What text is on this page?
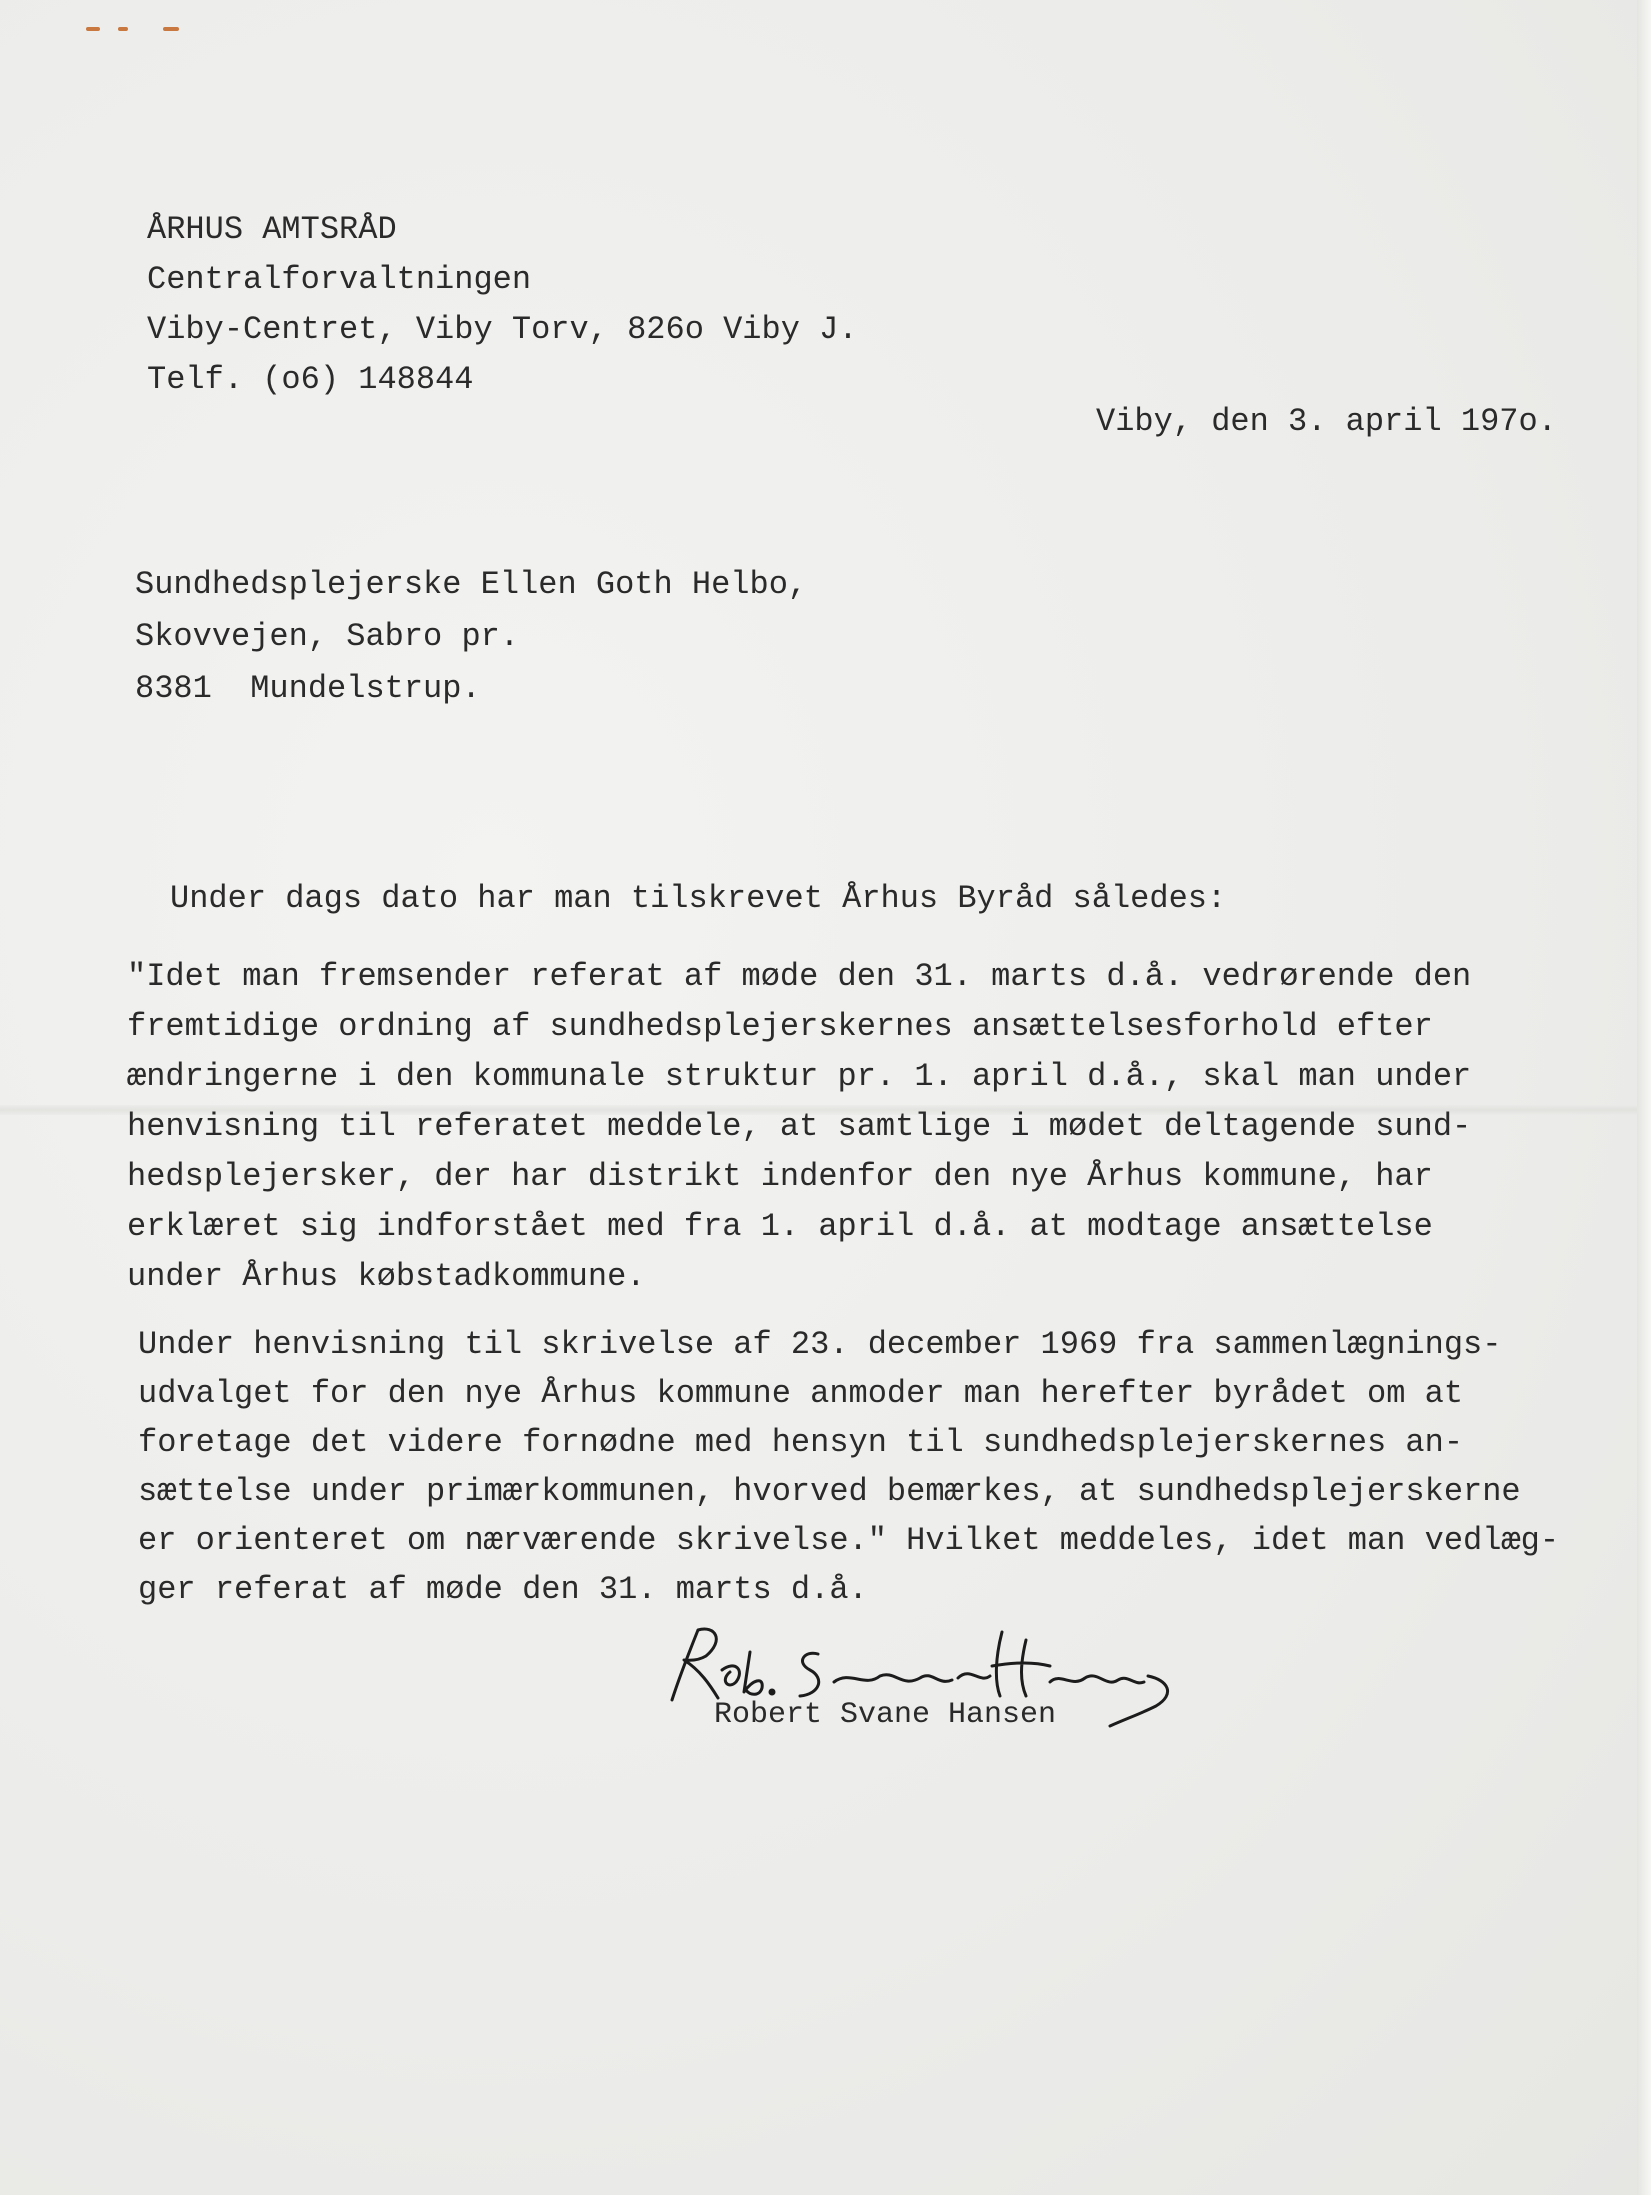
ÅRHUS AMTSRÅD
Centralforvaltningen
Viby-Centret, Viby Torv, 826o Viby J.
Telf. (o6) 148844
Viby, den 3. april 197o.
Sundhedsplejerske Ellen Goth Helbo,
Skovvejen, Sabro pr.
8381  Mundelstrup.
Under dags dato har man tilskrevet Århus Byråd således:
"Idet man fremsender referat af møde den 31. marts d.å. vedrørende den
fremtidige ordning af sundhedsplejerskernes ansættelsesforhold efter
ændringerne i den kommunale struktur pr. 1. april d.å., skal man under
henvisning til referatet meddele, at samtlige i mødet deltagende sund-
hedsplejersker, der har distrikt indenfor den nye Århus kommune, har
erklæret sig indforstået med fra 1. april d.å. at modtage ansættelse
under Århus købstadkommune.
Under henvisning til skrivelse af 23. december 1969 fra sammenlægnings-
udvalget for den nye Århus kommune anmoder man herefter byrådet om at
foretage det videre fornødne med hensyn til sundhedsplejerskernes an-
sættelse under primærkommunen, hvorved bemærkes, at sundhedsplejerskerne
er orienteret om nærværende skrivelse." Hvilket meddeles, idet man vedlæg-
ger referat af møde den 31. marts d.å.
Robert Svane Hansen
